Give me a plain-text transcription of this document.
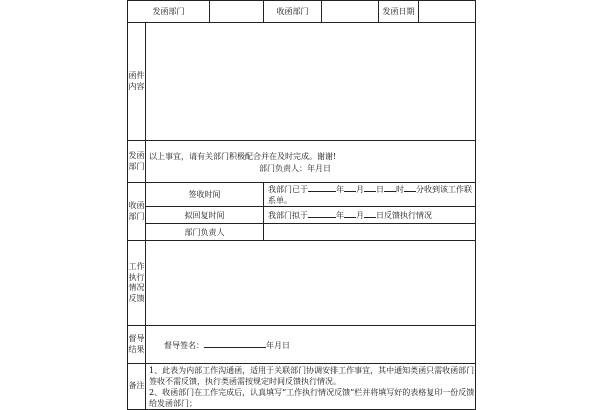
发函部门			收函部门		发函日期	
函件内容						
发函部门	以上事宜，请有关部门积极配合并在及时完成。谢谢!
部门负责人：年月日					

收函部门	签收时间		我部门已于 年 月 日 时 分收到该工作联系单。			
	拟回复时间		我部门拟于 年 月 日反馈执行情况			
	部门负责人					
工作执行情况反馈						
督导结果	督导签名： 年月日					
备注	1、此表为内部工作沟通函，适用于关联部门协调安排工作事宜，其中通知类函只需收函部门签收不需反馈，执行类函需按规定时间反馈执行情况。
2、收函部门在工作完成后，认真填写“工作执行情况反馈”栏并将填写好的表格复印一份反馈给发函部门；					
